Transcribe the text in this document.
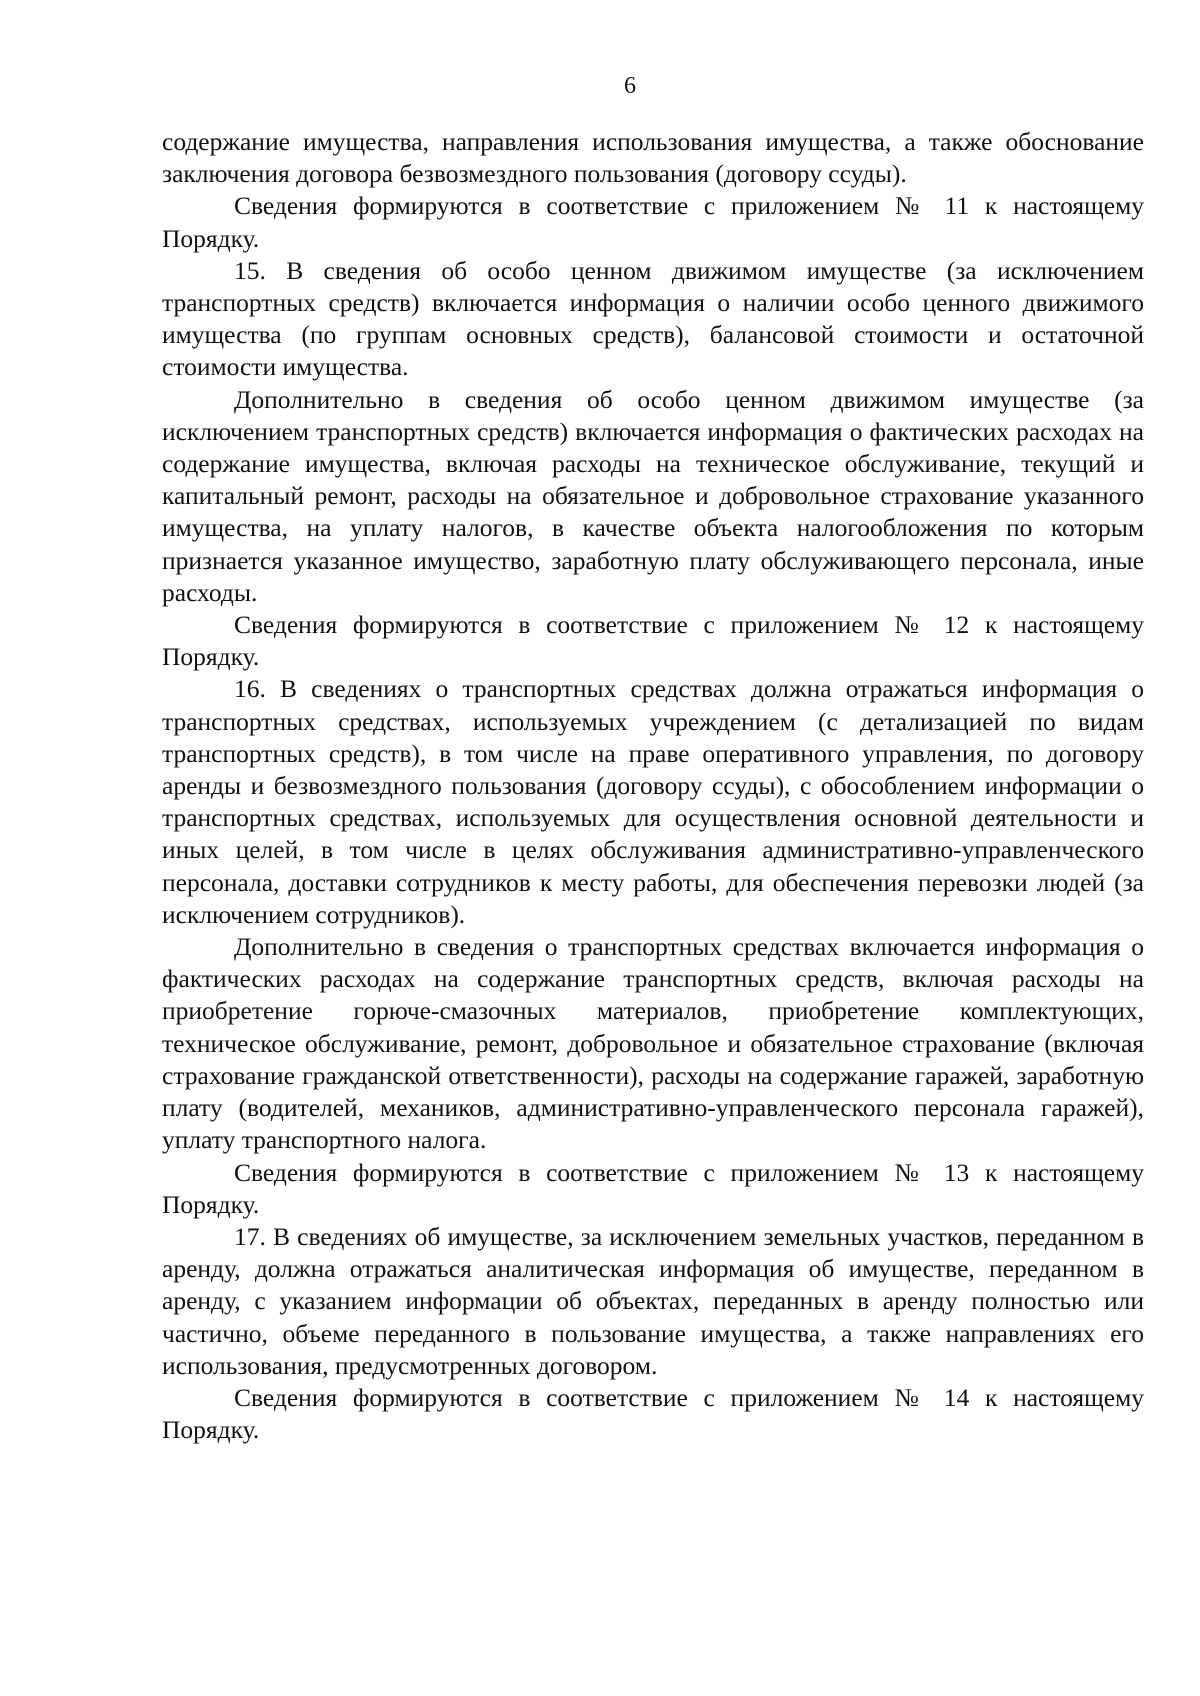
6

содержание имущества, направления использования имущества, а также обоснование заключения договора безвозмездного пользования (договору ссуды).

Сведения формируются в соответствие с приложением № 11 к настоящему Порядку.

15. В сведения об особо ценном движимом имуществе (за исключением транспортных средств) включается информация о наличии особо ценного движимого имущества (по группам основных средств), балансовой стоимости и остаточной стоимости имущества.

Дополнительно в сведения об особо ценном движимом имуществе (за исключением транспортных средств) включается информация о фактических расходах на содержание имущества, включая расходы на техническое обслуживание, текущий и капитальный ремонт, расходы на обязательное и добровольное страхование указанного имущества, на уплату налогов, в качестве объекта налогообложения по которым признается указанное имущество, заработную плату обслуживающего персонала, иные расходы.

Сведения формируются в соответствие с приложением № 12 к настоящему Порядку.

16. В сведениях о транспортных средствах должна отражаться информация о транспортных средствах, используемых учреждением (с детализацией по видам транспортных средств), в том числе на праве оперативного управления, по договору аренды и безвозмездного пользования (договору ссуды), с обособлением информации о транспортных средствах, используемых для осуществления основной деятельности и иных целей, в том числе в целях обслуживания административно-управленческого персонала, доставки сотрудников к месту работы, для обеспечения перевозки людей (за исключением сотрудников).

Дополнительно в сведения о транспортных средствах включается информация о фактических расходах на содержание транспортных средств, включая расходы на приобретение горюче-смазочных материалов, приобретение комплектующих, техническое обслуживание, ремонт, добровольное и обязательное страхование (включая страхование гражданской ответственности), расходы на содержание гаражей, заработную плату (водителей, механиков, административно-управленческого персонала гаражей), уплату транспортного налога.

Сведения формируются в соответствие с приложением № 13 к настоящему Порядку.

17. В сведениях об имуществе, за исключением земельных участков, переданном в аренду, должна отражаться аналитическая информация об имуществе, переданном в аренду, с указанием информации об объектах, переданных в аренду полностью или частично, объеме переданного в пользование имущества, а также направлениях его использования, предусмотренных договором.

Сведения формируются в соответствие с приложением № 14 к настоящему Порядку.
